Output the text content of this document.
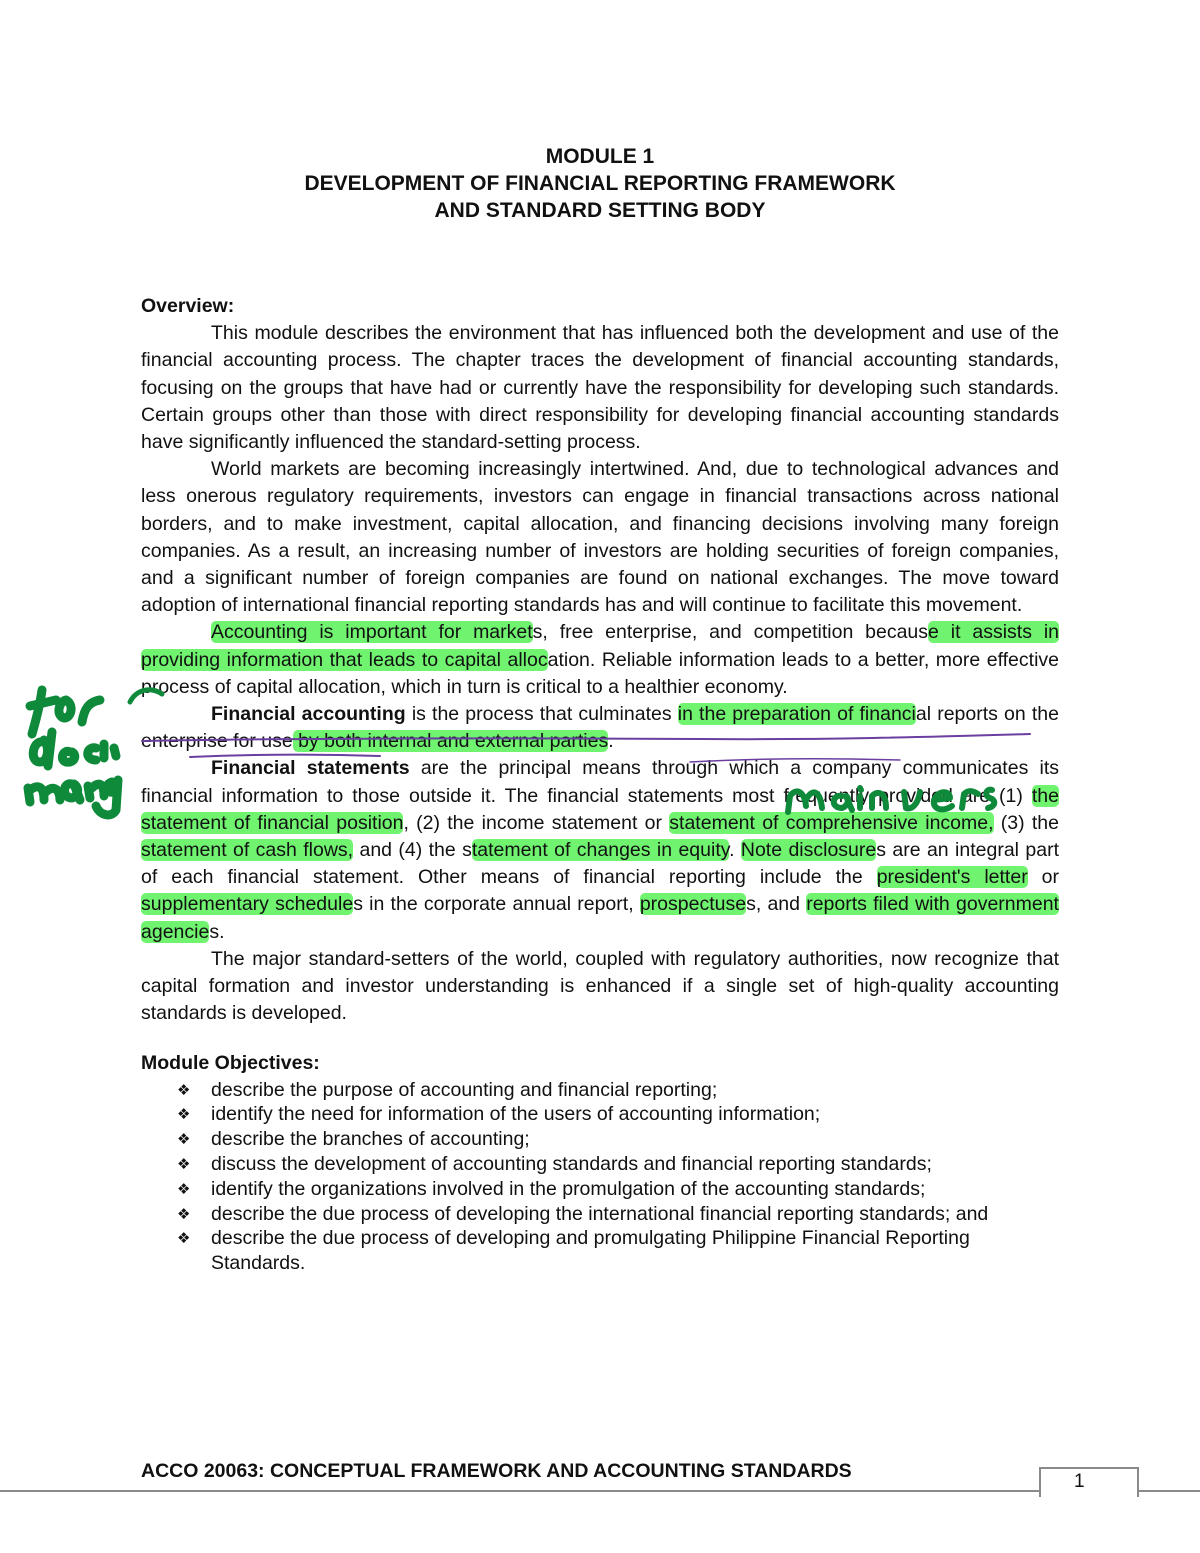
MODULE 1
DEVELOPMENT OF FINANCIAL REPORTING FRAMEWORK
AND STANDARD SETTING BODY

Overview:

This module describes the environment that has influenced both the development and use of the financial accounting process. The chapter traces the development of financial accounting standards, focusing on the groups that have had or currently have the responsibility for developing such standards. Certain groups other than those with direct responsibility for developing financial accounting standards have significantly influenced the standard-setting process.

World markets are becoming increasingly intertwined. And, due to technological advances and less onerous regulatory requirements, investors can engage in financial transactions across national borders, and to make investment, capital allocation, and financing decisions involving many foreign companies. As a result, an increasing number of investors are holding securities of foreign companies, and a significant number of foreign companies are found on national exchanges. The move toward adoption of international financial reporting standards has and will continue to facilitate this movement.

Accounting is important for markets, free enterprise, and competition because it assists in providing information that leads to capital allocation. Reliable information leads to a better, more effective process of capital allocation, which in turn is critical to a healthier economy.

Financial accounting is the process that culminates in the preparation of financial reports on the enterprise for use by both internal and external parties.

Financial statements are the principal means through which a company communicates its financial information to those outside it. The financial statements most frequently provided are (1) the statement of financial position, (2) the income statement or statement of comprehensive income, (3) the statement of cash flows, and (4) the statement of changes in equity. Note disclosures are an integral part of each financial statement. Other means of financial reporting include the president's letter or supplementary schedules in the corporate annual report, prospectuses, and reports filed with government agencies.

The major standard-setters of the world, coupled with regulatory authorities, now recognize that capital formation and investor understanding is enhanced if a single set of high-quality accounting standards is developed.

Module Objectives:

❖ describe the purpose of accounting and financial reporting;
❖ identify the need for information of the users of accounting information;
❖ describe the branches of accounting;
❖ discuss the development of accounting standards and financial reporting standards;
❖ identify the organizations involved in the promulgation of the accounting standards;
❖ describe the due process of developing the international financial reporting standards; and
❖ describe the due process of developing and promulgating Philippine Financial Reporting Standards.
ACCO 20063: CONCEPTUAL FRAMEWORK AND ACCOUNTING STANDARDS	1
